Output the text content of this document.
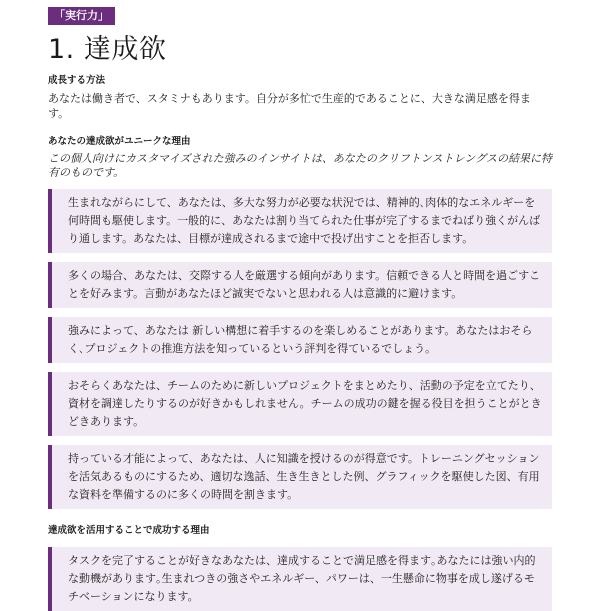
「実行力」
1. 達成欲
成長する方法
あなたは働き者で、スタミナもあります。自分が多忙で生産的であることに、大きな満足感を得ます。
あなたの達成欲がユニークな理由
この個人向けにカスタマイズされた強みのインサイトは、あなたのクリフトンストレングスの結果に特有のものです。
生まれながらにして、あなたは、多大な努力が必要な状況では、精神的､肉体的なエネルギーを何時間も駆使します。一般的に、あなたは割り当てられた仕事が完了するまでねばり強くがんばり通します。あなたは、目標が達成されるまで途中で投げ出すことを拒否します。
多くの場合、あなたは、交際する人を厳選する傾向があります。信頼できる人と時間を過ごすことを好みます。言動があなたほど誠実でないと思われる人は意識的に避けます。
強みによって、あなたは 新しい構想に着手するのを楽しめることがあります。あなたはおそらく､プロジェクトの推進方法を知っているという評判を得ているでしょう。
おそらくあなたは、チームのために新しいプロジェクトをまとめたり、活動の予定を立てたり、資材を調達したりするのが好きかもしれません。チームの成功の鍵を握る役目を担うことがときどきあります。
持っている才能によって、あなたは、人に知識を授けるのが得意です。トレーニングセッションを活気あるものにするため、適切な逸話、生き生きとした例、グラフィックを駆使した図、有用な資料を準備するのに多くの時間を割きます。
達成欲を活用することで成功する理由
タスクを完了することが好きなあなたは、達成することで満足感を得ます｡あなたには強い内的な動機があります｡生まれつきの強さやエネルギー、パワーは、一生懸命に物事を成し遂げるモチベーションになります。
